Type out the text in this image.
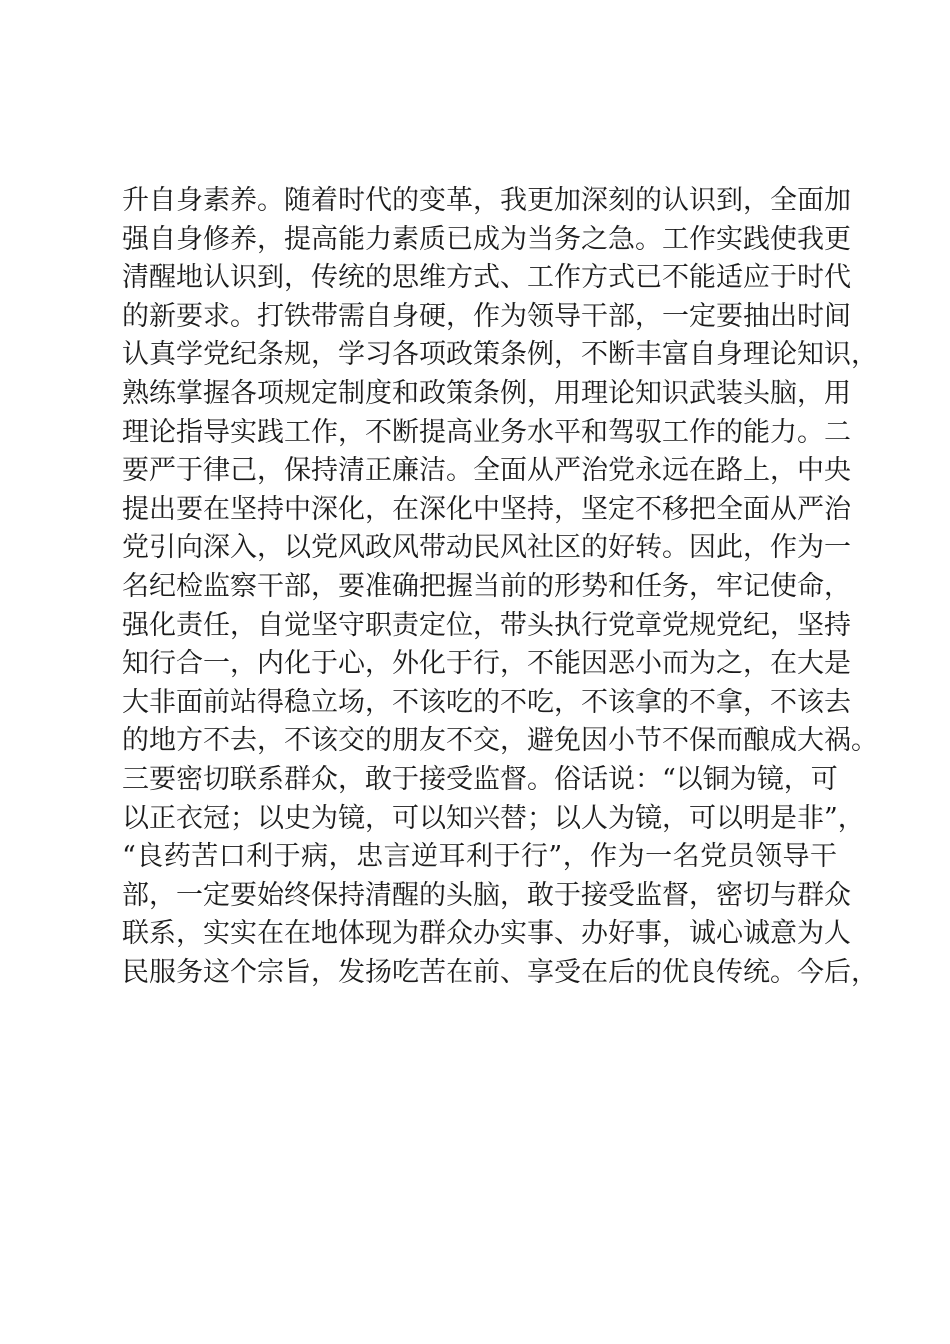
升自身素养。随着时代的变革，我更加深刻的认识到，全面加
强自身修养，提高能力素质已成为当务之急。工作实践使我更
清醒地认识到，传统的思维方式、工作方式已不能适应于时代
的新要求。打铁带需自身硬，作为领导干部，一定要抽出时间
认真学党纪条规，学习各项政策条例，不断丰富自身理论知识，
熟练掌握各项规定制度和政策条例，用理论知识武装头脑，用
理论指导实践工作，不断提高业务水平和驾驭工作的能力。二
要严于律己，保持清正廉洁。全面从严治党永远在路上，中央
提出要在坚持中深化，在深化中坚持，坚定不移把全面从严治
党引向深入，以党风政风带动民风社区的好转。因此，作为一
名纪检监察干部，要准确把握当前的形势和任务，牢记使命，
强化责任，自觉坚守职责定位，带头执行党章党规党纪，坚持
知行合一，内化于心，外化于行，不能因恶小而为之，在大是
大非面前站得稳立场，不该吃的不吃，不该拿的不拿，不该去
的地方不去，不该交的朋友不交，避免因小节不保而酿成大祸。
三要密切联系群众，敢于接受监督。俗话说：“以铜为镜，可
以正衣冠；以史为镜，可以知兴替；以人为镜，可以明是非”，
“良药苦口利于病，忠言逆耳利于行”，作为一名党员领导干
部，一定要始终保持清醒的头脑，敢于接受监督，密切与群众
联系，实实在在地体现为群众办实事、办好事，诚心诚意为人
民服务这个宗旨，发扬吃苦在前、享受在后的优良传统。今后，
